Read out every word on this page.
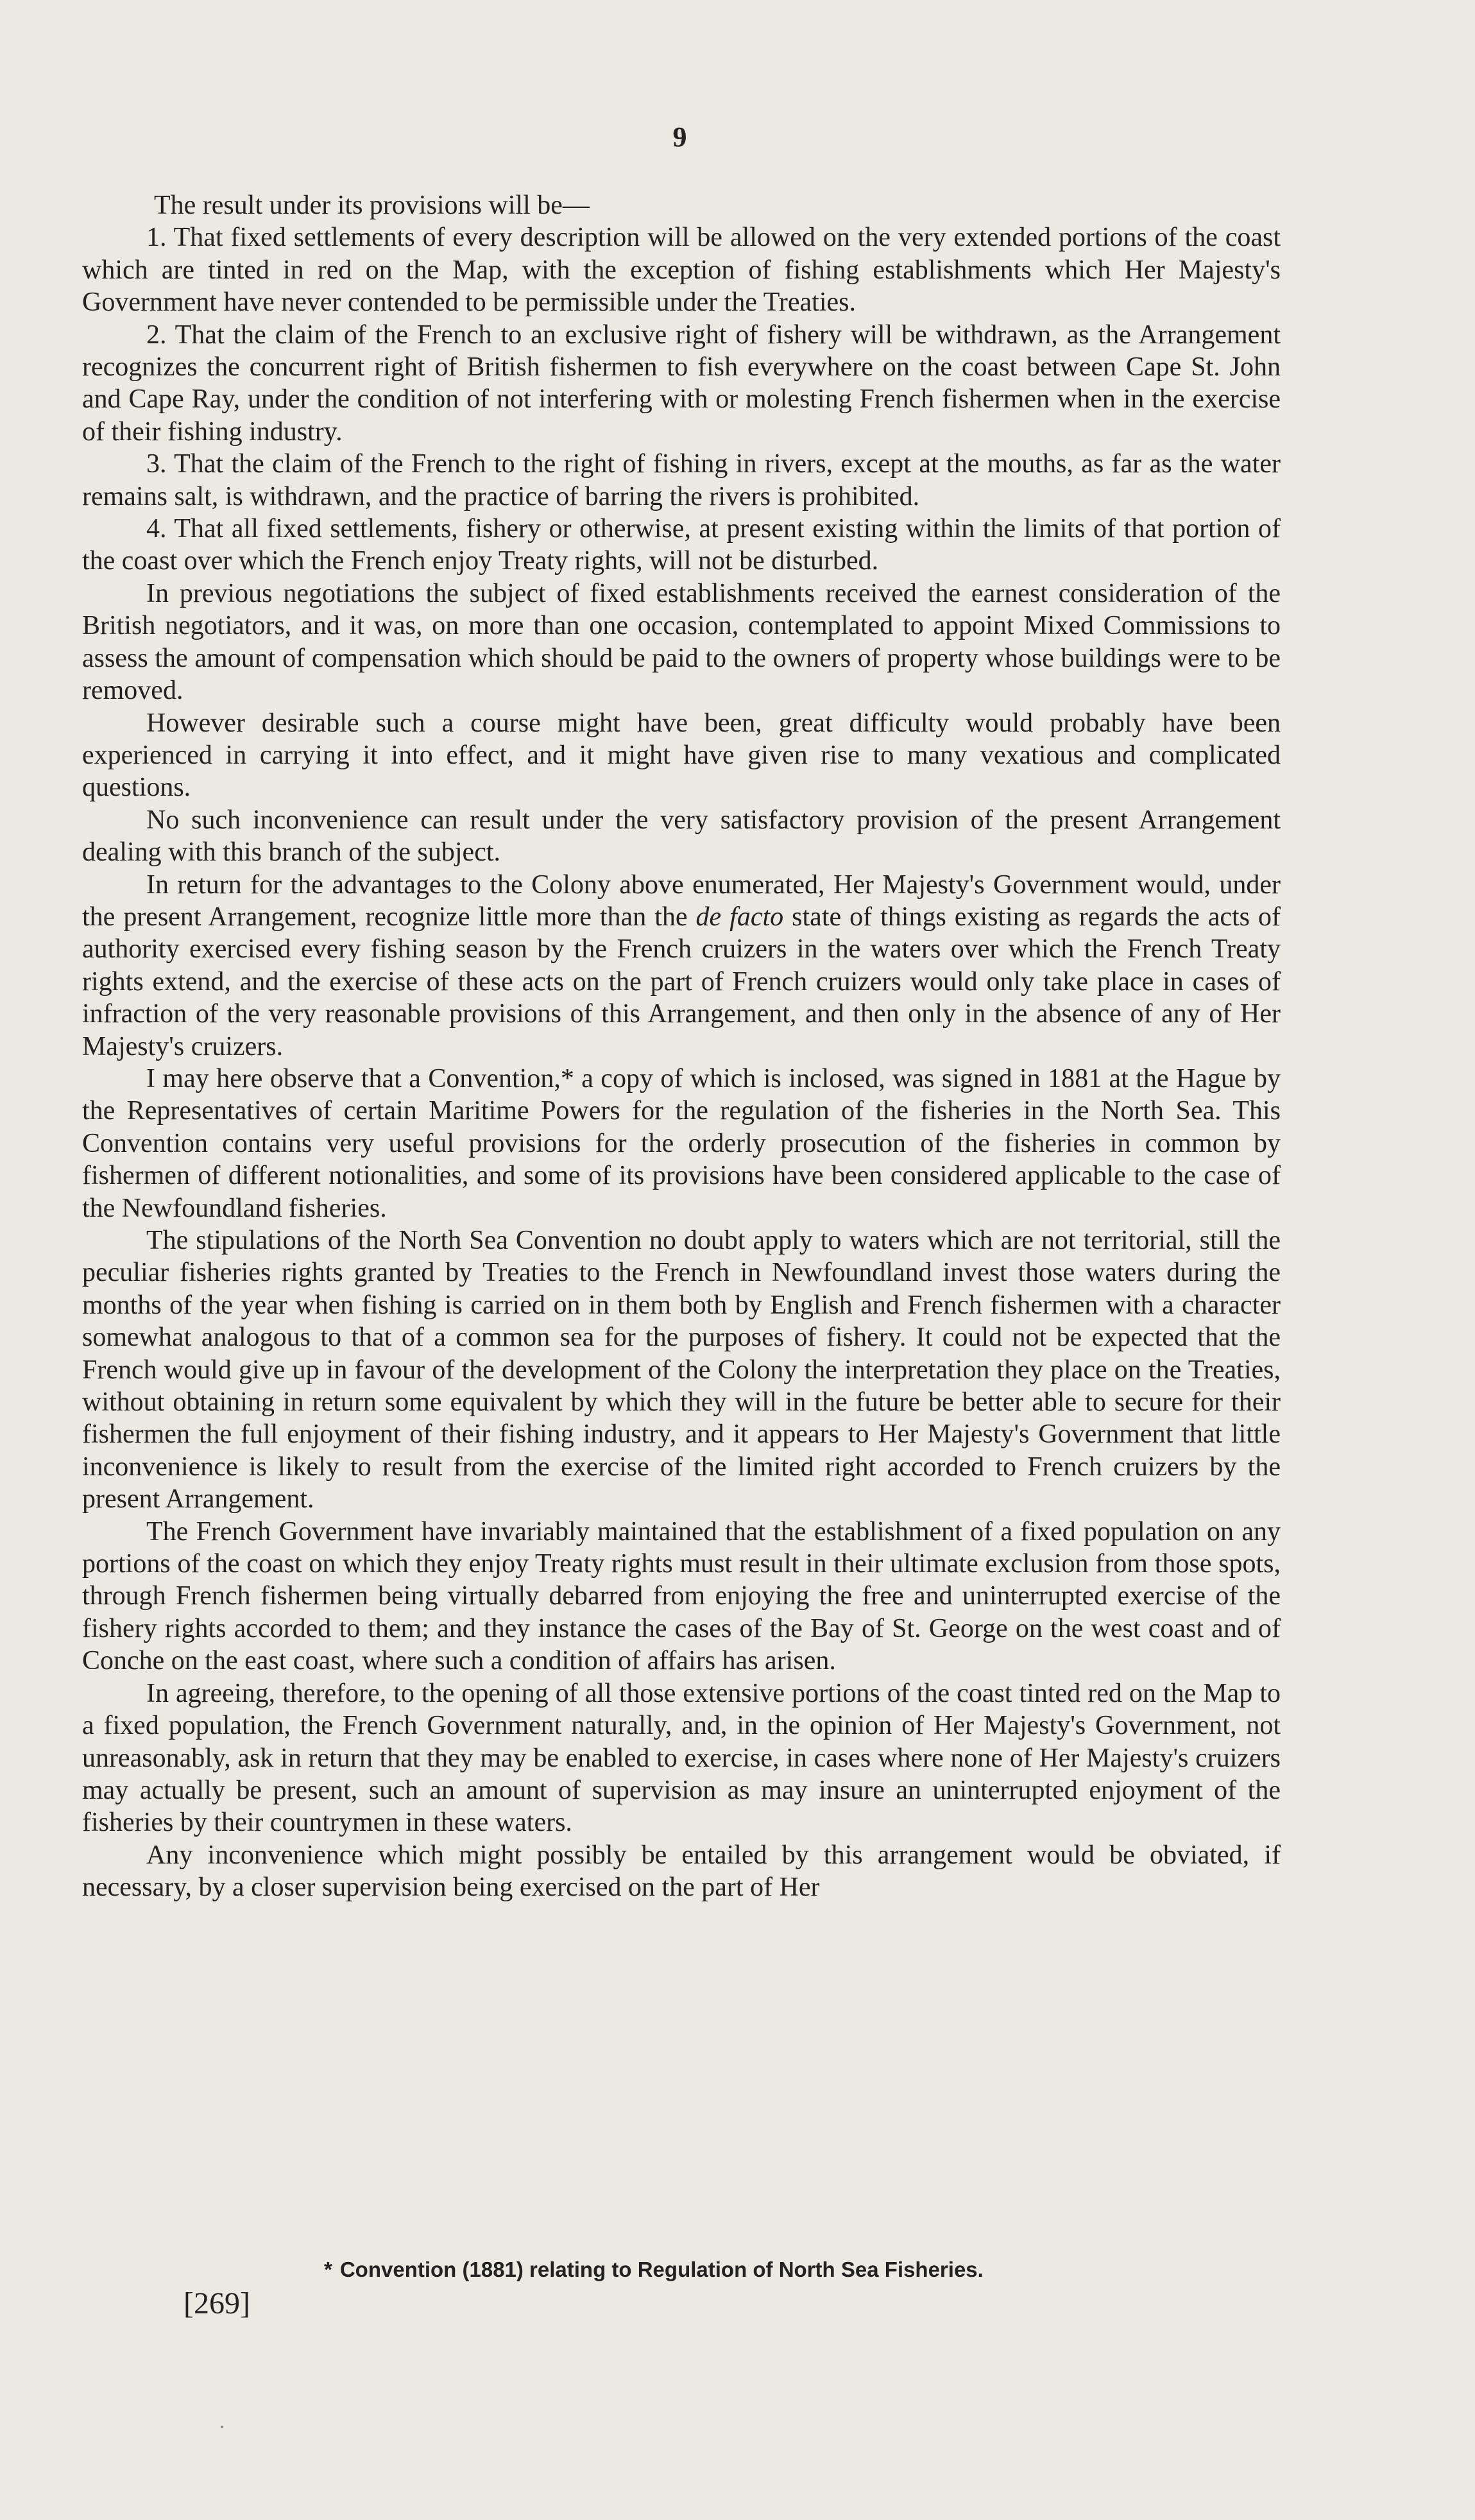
9

The result under its provisions will be—

1. That fixed settlements of every description will be allowed on the very extended portions of the coast which are tinted in red on the Map, with the exception of fishing establishments which Her Majesty's Government have never contended to be permissible under the Treaties.

2. That the claim of the French to an exclusive right of fishery will be withdrawn, as the Arrangement recognizes the concurrent right of British fishermen to fish everywhere on the coast between Cape St. John and Cape Ray, under the condition of not interfering with or molesting French fishermen when in the exercise of their fishing industry.

3. That the claim of the French to the right of fishing in rivers, except at the mouths, as far as the water remains salt, is withdrawn, and the practice of barring the rivers is prohibited.

4. That all fixed settlements, fishery or otherwise, at present existing within the limits of that portion of the coast over which the French enjoy Treaty rights, will not be disturbed.

In previous negotiations the subject of fixed establishments received the earnest consideration of the British negotiators, and it was, on more than one occasion, contemplated to appoint Mixed Commissions to assess the amount of compensation which should be paid to the owners of property whose buildings were to be removed.

However desirable such a course might have been, great difficulty would probably have been experienced in carrying it into effect, and it might have given rise to many vexatious and complicated questions.

No such inconvenience can result under the very satisfactory provision of the present Arrangement dealing with this branch of the subject.

In return for the advantages to the Colony above enumerated, Her Majesty's Government would, under the present Arrangement, recognize little more than the de facto state of things existing as regards the acts of authority exercised every fishing season by the French cruizers in the waters over which the French Treaty rights extend, and the exercise of these acts on the part of French cruizers would only take place in cases of infraction of the very reasonable provisions of this Arrangement, and then only in the absence of any of Her Majesty's cruizers.

I may here observe that a Convention,* a copy of which is inclosed, was signed in 1881 at the Hague by the Representatives of certain Maritime Powers for the regulation of the fisheries in the North Sea. This Convention contains very useful provisions for the orderly prosecution of the fisheries in common by fishermen of different notionalities, and some of its provisions have been considered applicable to the case of the Newfoundland fisheries.

The stipulations of the North Sea Convention no doubt apply to waters which are not territorial, still the peculiar fisheries rights granted by Treaties to the French in Newfoundland invest those waters during the months of the year when fishing is carried on in them both by English and French fishermen with a character somewhat analogous to that of a common sea for the purposes of fishery. It could not be expected that the French would give up in favour of the development of the Colony the interpretation they place on the Treaties, without obtaining in return some equivalent by which they will in the future be better able to secure for their fishermen the full enjoyment of their fishing industry, and it appears to Her Majesty's Government that little inconvenience is likely to result from the exercise of the limited right accorded to French cruizers by the present Arrangement.

The French Government have invariably maintained that the establishment of a fixed population on any portions of the coast on which they enjoy Treaty rights must result in their ultimate exclusion from those spots, through French fishermen being virtually debarred from enjoying the free and uninterrupted exercise of the fishery rights accorded to them; and they instance the cases of the Bay of St. George on the west coast and of Conche on the east coast, where such a condition of affairs has arisen.

In agreeing, therefore, to the opening of all those extensive portions of the coast tinted red on the Map to a fixed population, the French Government naturally, and, in the opinion of Her Majesty's Government, not unreasonably, ask in return that they may be enabled to exercise, in cases where none of Her Majesty's cruizers may actually be present, such an amount of supervision as may insure an uninterrupted enjoyment of the fisheries by their countrymen in these waters.

Any inconvenience which might possibly be entailed by this arrangement would be obviated, if necessary, by a closer supervision being exercised on the part of Her

* Convention (1881) relating to Regulation of North Sea Fisheries.
[269]
